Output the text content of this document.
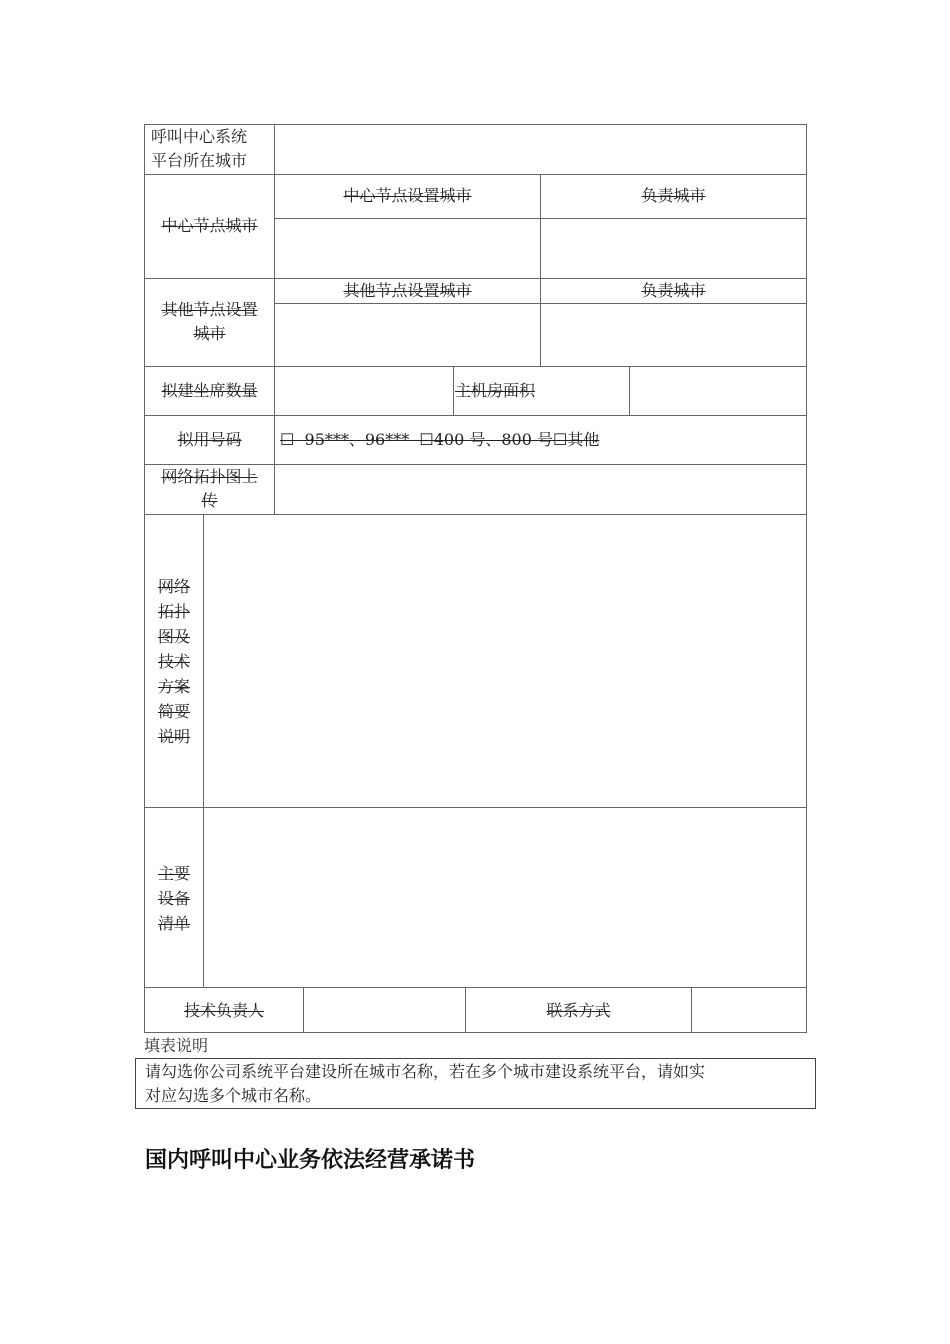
呼叫中心系统
平台所在城市
中心节点城市
中心节点设置城市	负责城市
其他节点设置
城市
其他节点设置城市	负责城市
拟建坐席数量	主机房面积
拟用号码	☐  95***、96***  ☐400 号、800 号☐其他
网络拓扑图上
传
网络拓扑图及技术方案简要说明
主要设备清单
技术负责人	联系方式
填表说明
请勾选你公司系统平台建设所在城市名称，若在多个城市建设系统平台，请如实
对应勾选多个城市名称。
国内呼叫中心业务依法经营承诺书
